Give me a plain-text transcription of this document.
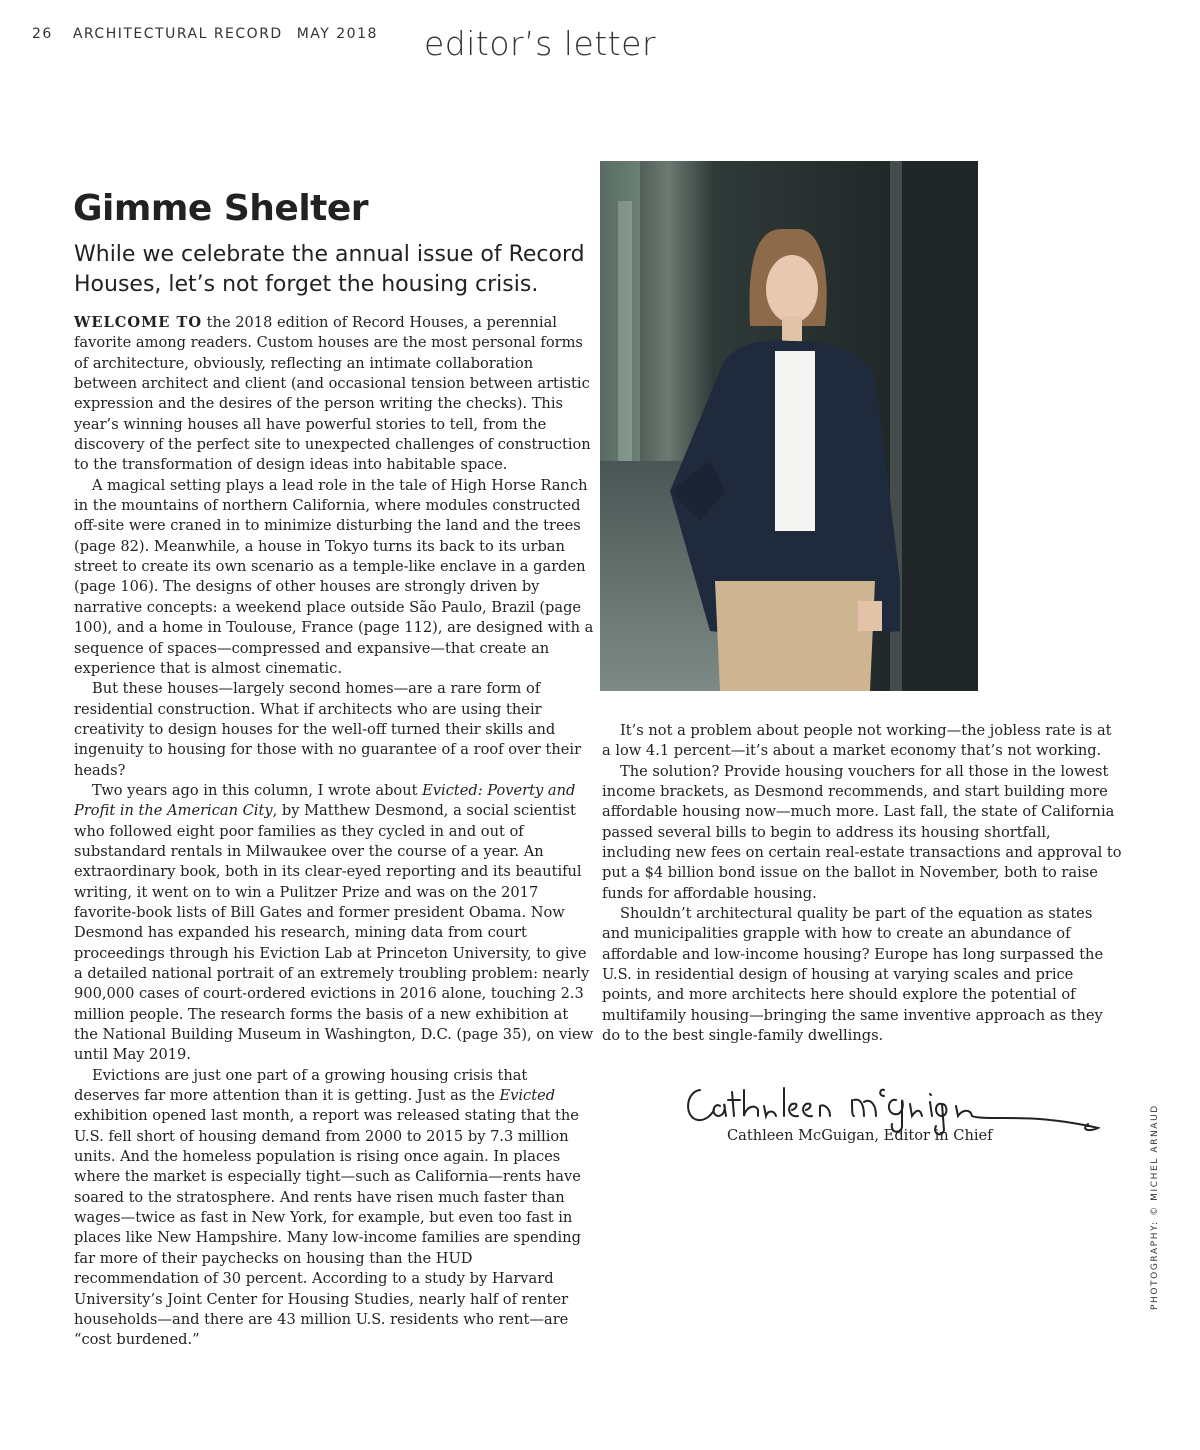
26 ARCHITECTURAL RECORD MAY 2018	editor’s letter
Gimme Shelter

While we celebrate the annual issue of Record Houses, let’s not forget the housing crisis.

WELCOME TO the 2018 edition of Record Houses, a perennial favorite among readers. Custom houses are the most personal forms of architecture, obviously, reflecting an intimate collaboration between architect and client (and occasional tension between artistic expression and the desires of the person writing the checks). This year’s winning houses all have powerful stories to tell, from the discovery of the perfect site to unexpected challenges of construction to the transformation of design ideas into habitable space.

A magical setting plays a lead role in the tale of High Horse Ranch in the mountains of northern California, where modules constructed off-site were craned in to minimize disturbing the land and the trees (page 82). Meanwhile, a house in Tokyo turns its back to its urban street to create its own scenario as a temple-like enclave in a garden (page 106). The designs of other houses are strongly driven by narrative concepts: a weekend place outside São Paulo, Brazil (page 100), and a home in Toulouse, France (page 112), are designed with a sequence of spaces—compressed and expansive—that create an experience that is almost cinematic.

But these houses—largely second homes—are a rare form of residential construction. What if architects who are using their creativity to design houses for the well-off turned their skills and ingenuity to housing for those with no guarantee of a roof over their heads?

Two years ago in this column, I wrote about Evicted: Poverty and Profit in the American City, by Matthew Desmond, a social scientist who followed eight poor families as they cycled in and out of substandard rentals in Milwaukee over the course of a year. An extraordinary book, both in its clear-eyed reporting and its beautiful writing, it went on to win a Pulitzer Prize and was on the 2017 favorite-book lists of Bill Gates and former president Obama. Now Desmond has expanded his research, mining data from court proceedings through his Eviction Lab at Princeton University, to give a detailed national portrait of an extremely troubling problem: nearly 900,000 cases of court-ordered evictions in 2016 alone, touching 2.3 million people. The research forms the basis of a new exhibition at the National Building Museum in Washington, D.C. (page 35), on view until May 2019.

Evictions are just one part of a growing housing crisis that deserves far more attention than it is getting. Just as the Evicted exhibition opened last month, a report was released stating that the U.S. fell short of housing demand from 2000 to 2015 by 7.3 million units. And the homeless population is rising once again. In places where the market is especially tight—such as California—rents have soared to the stratosphere. And rents have risen much faster than wages—twice as fast in New York, for example, but even too fast in places like New Hampshire. Many low-income families are spending far more of their paychecks on housing than the HUD recommendation of 30 percent. According to a study by Harvard University’s Joint Center for Housing Studies, nearly half of renter households—and there are 43 million U.S. residents who rent—are “cost burdened.”

It’s not a problem about people not working—the jobless rate is at a low 4.1 percent—it’s about a market economy that’s not working.

The solution? Provide housing vouchers for all those in the lowest income brackets, as Desmond recommends, and start building more affordable housing now—much more. Last fall, the state of California passed several bills to begin to address its housing shortfall, including new fees on certain real-estate transactions and approval to put a $4 billion bond issue on the ballot in November, both to raise funds for affordable housing.

Shouldn’t architectural quality be part of the equation as states and municipalities grapple with how to create an abundance of affordable and low-income housing? Europe has long surpassed the U.S. in residential design of housing at varying scales and price points, and more architects here should explore the potential of multifamily housing—bringing the same inventive approach as they do to the best single-family dwellings.

Cathleen McGuigan, Editor in Chief	PHOTOGRAPHY: © MICHEL ARNAUD
